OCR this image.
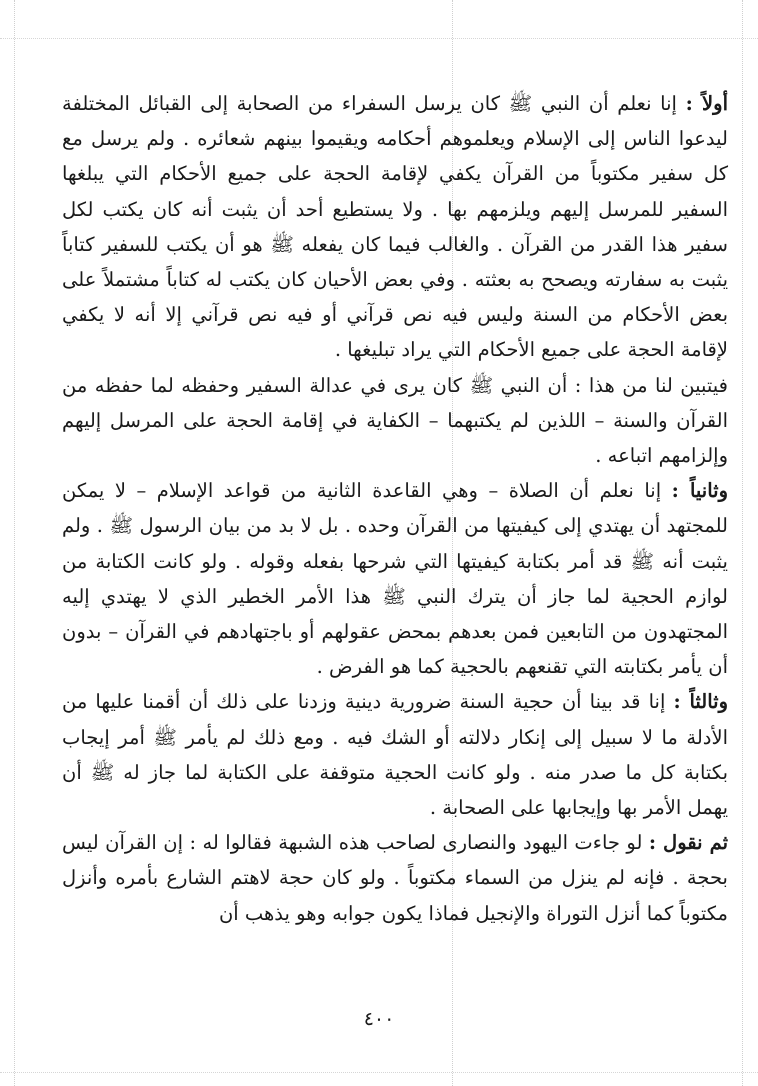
أولاً : إنا نعلم أن النبي ﷺ كان يرسل السفراء من الصحابة إلى القبائل المختلفة ليدعوا الناس إلى الإسلام ويعلموهم أحكامه ويقيموا بينهم شعائره . ولم يرسل مع كل سفير مكتوباً من القرآن يكفي لإقامة الحجة على جميع الأحكام التي يبلغها السفير للمرسل إليهم ويلزمهم بها . ولا يستطيع أحد أن يثبت أنه كان يكتب لكل سفير هذا القدر من القرآن . والغالب فيما كان يفعله ﷺ هو أن يكتب للسفير كتاباً يثبت به سفارته ويصحح به بعثته . وفي بعض الأحيان كان يكتب له كتاباً مشتملاً على بعض الأحكام من السنة وليس فيه نص قرآني أو فيه نص قرآني إلا أنه لا يكفي لإقامة الحجة على جميع الأحكام التي يراد تبليغها .

فيتبين لنا من هذا : أن النبي ﷺ كان يرى في عدالة السفير وحفظه لما حفظه من القرآن والسنة – اللذين لم يكتبهما – الكفاية في إقامة الحجة على المرسل إليهم وإلزامهم اتباعه .

وثانياً : إنا نعلم أن الصلاة – وهي القاعدة الثانية من قواعد الإسلام – لا يمكن للمجتهد أن يهتدي إلى كيفيتها من القرآن وحده . بل لا بد من بيان الرسول ﷺ . ولم يثبت أنه ﷺ قد أمر بكتابة كيفيتها التي شرحها بفعله وقوله . ولو كانت الكتابة من لوازم الحجية لما جاز أن يترك النبي ﷺ هذا الأمر الخطير الذي لا يهتدي إليه المجتهدون من التابعين فمن بعدهم بمحض عقولهم أو باجتهادهم في القرآن – بدون أن يأمر بكتابته التي تقنعهم بالحجية كما هو الفرض .

وثالثاً : إنا قد بينا أن حجية السنة ضرورية دينية وزدنا على ذلك أن أقمنا عليها من الأدلة ما لا سبيل إلى إنكار دلالته أو الشك فيه . ومع ذلك لم يأمر ﷺ أمر إيجاب بكتابة كل ما صدر منه . ولو كانت الحجية متوقفة على الكتابة لما جاز له ﷺ أن يهمل الأمر بها وإيجابها على الصحابة .

ثم نقول : لو جاءت اليهود والنصارى لصاحب هذه الشبهة فقالوا له : إن القرآن ليس بحجة . فإنه لم ينزل من السماء مكتوباً . ولو كان حجة لاهتم الشارع بأمره وأنزل مكتوباً كما أنزل التوراة والإنجيل فماذا يكون جوابه وهو يذهب أن

٤٠٠
